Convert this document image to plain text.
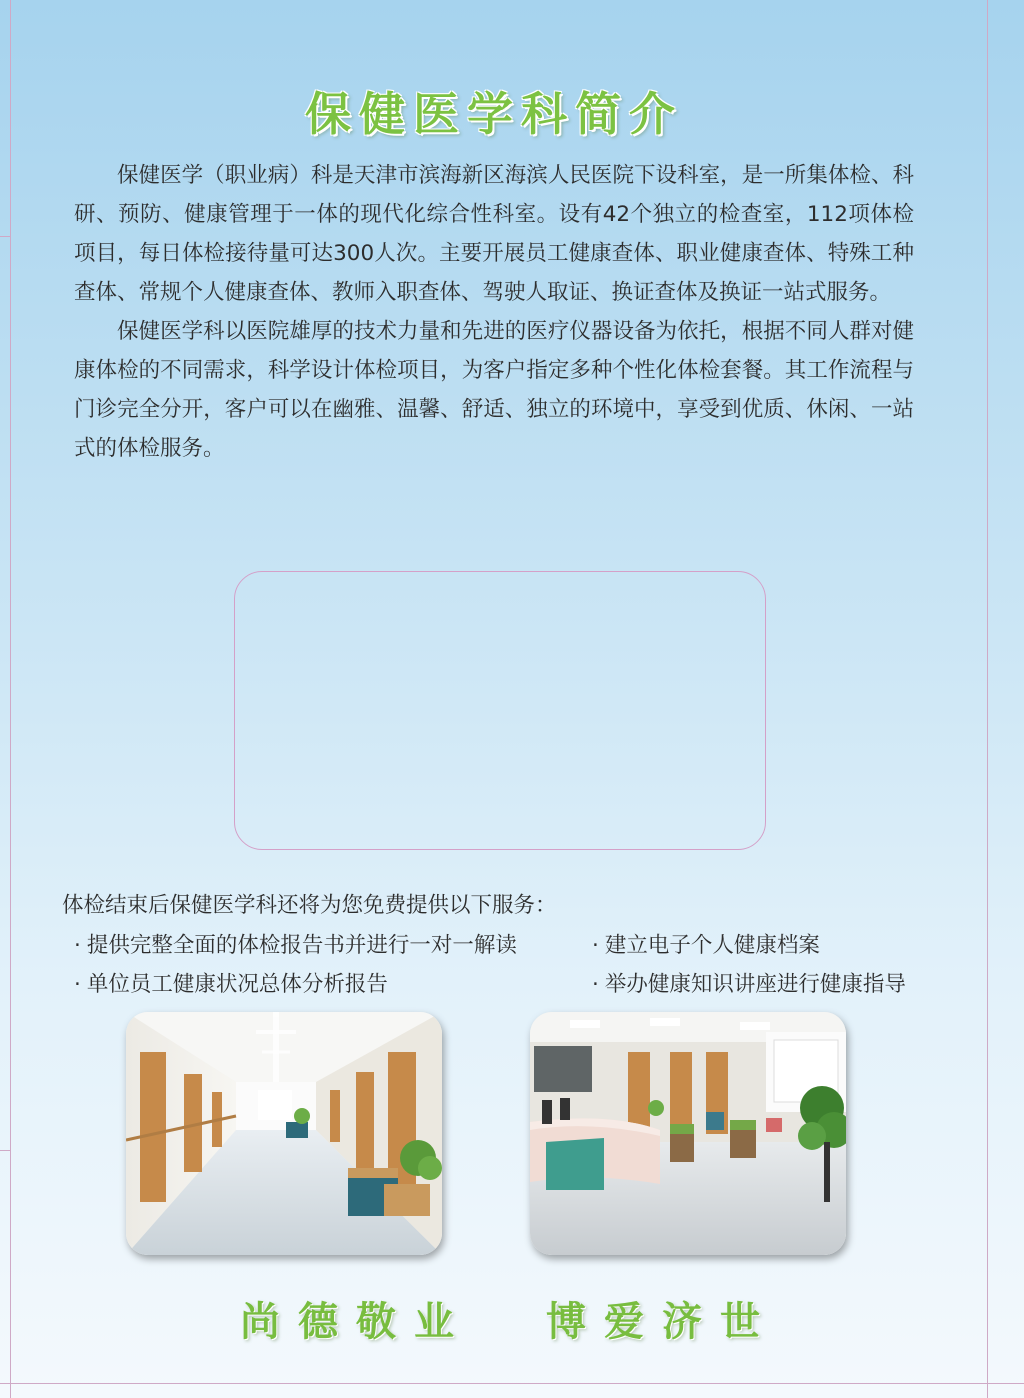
保健医学科简介

保健医学（职业病）科是天津市滨海新区海滨人民医院下设科室，是一所集体检、科研、预防、健康管理于一体的现代化综合性科室。设有42个独立的检查室，112项体检项目，每日体检接待量可达300人次。主要开展员工健康查体、职业健康查体、特殊工种查体、常规个人健康查体、教师入职查体、驾驶人取证、换证查体及换证一站式服务。

保健医学科以医院雄厚的技术力量和先进的医疗仪器设备为依托，根据不同人群对健康体检的不同需求，科学设计体检项目，为客户指定多种个性化体检套餐。其工作流程与门诊完全分开，客户可以在幽雅、温馨、舒适、独立的环境中，享受到优质、休闲、一站式的体检服务。

体检结束后保健医学科还将为您免费提供以下服务：
· 提供完整全面的体检报告书并进行一对一解读	· 建立电子个人健康档案
· 单位员工健康状况总体分析报告	· 举办健康知识讲座进行健康指导
尚德敬业 博爱济世
